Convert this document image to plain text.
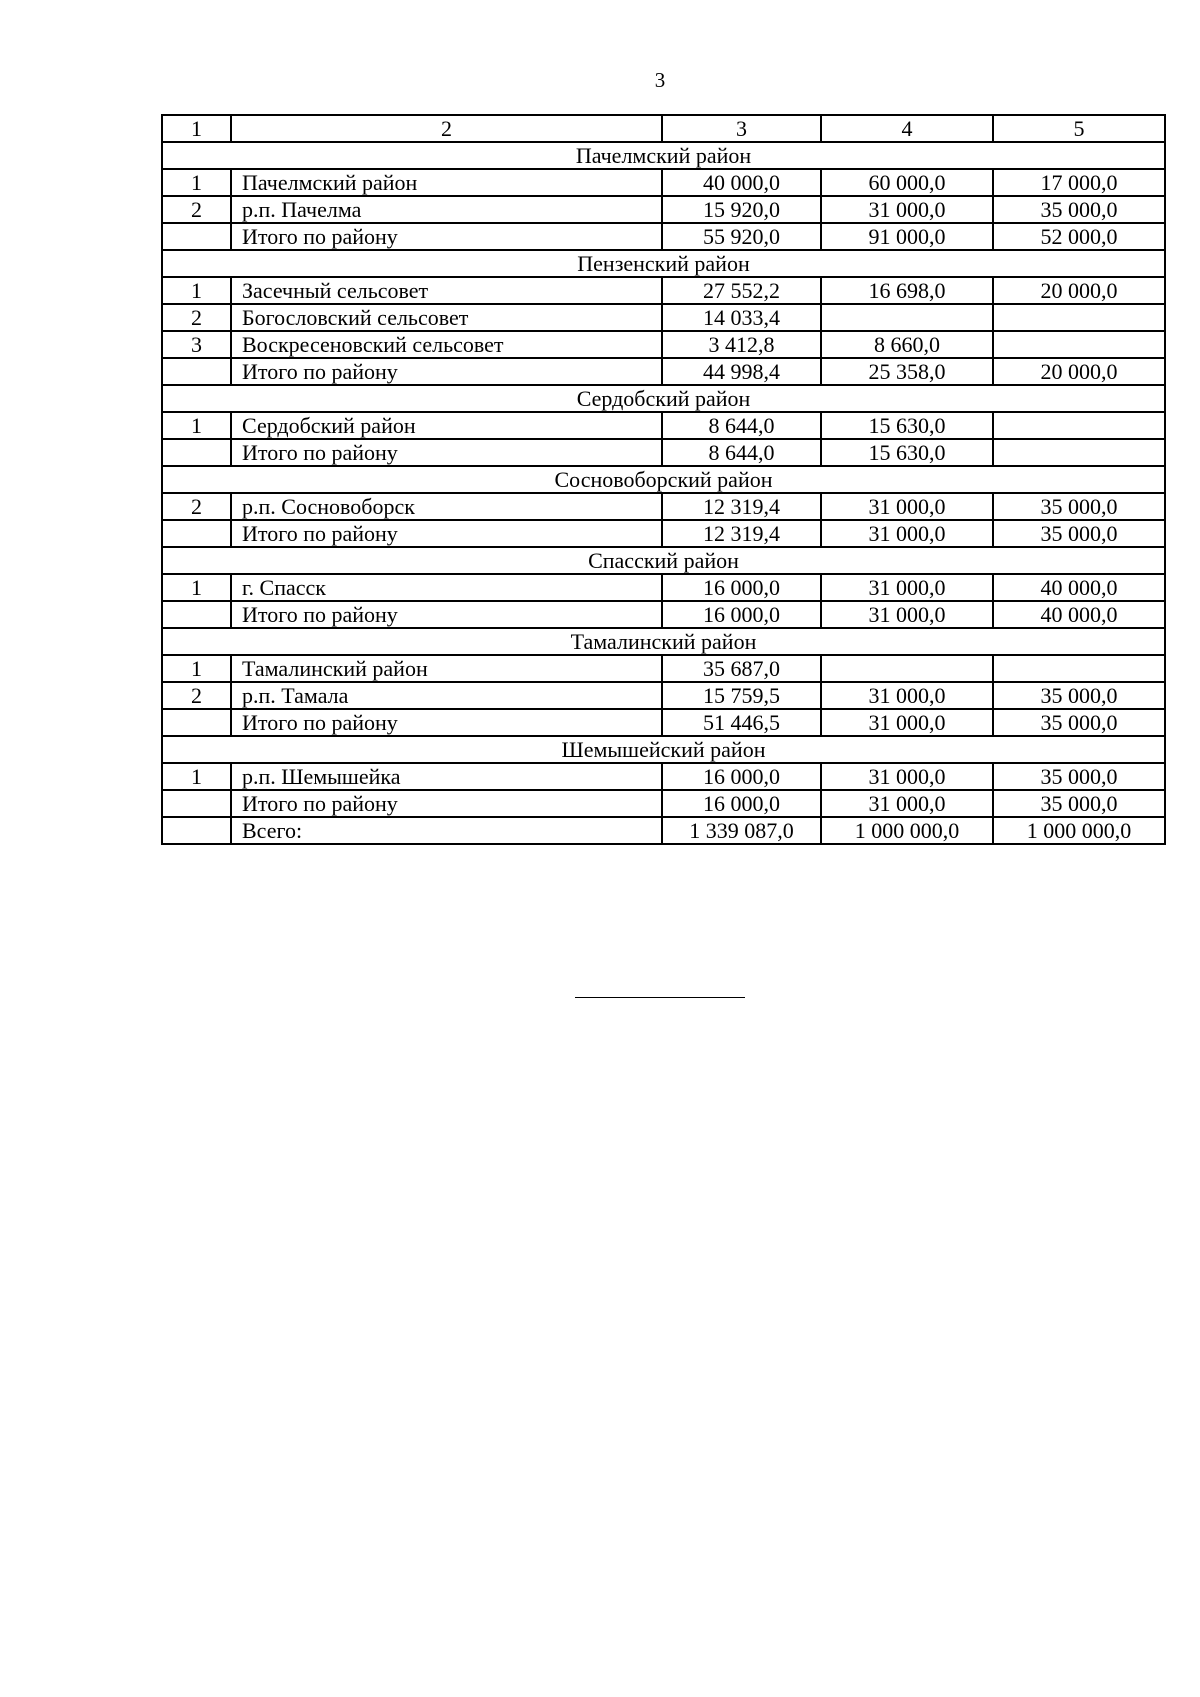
3
1	2	3	4	5
Пачелмский район				
1	Пачелмский район	40 000,0	60 000,0	17 000,0
2	р.п. Пачелма	15 920,0	31 000,0	35 000,0
	Итого по району	55 920,0	91 000,0	52 000,0
Пензенский район				
1	Засечный сельсовет	27 552,2	16 698,0	20 000,0
2	Богословский сельсовет	14 033,4		
3	Воскресеновский сельсовет	3 412,8	8 660,0	
	Итого по району	44 998,4	25 358,0	20 000,0
Сердобский район				
1	Сердобский район	8 644,0	15 630,0	
	Итого по району	8 644,0	15 630,0	
Сосновоборский район				
2	р.п. Сосновоборск	12 319,4	31 000,0	35 000,0
	Итого по району	12 319,4	31 000,0	35 000,0
Спасский район				
1	г. Спасск	16 000,0	31 000,0	40 000,0
	Итого по району	16 000,0	31 000,0	40 000,0
Тамалинский район				
1	Тамалинский район	35 687,0		
2	р.п. Тамала	15 759,5	31 000,0	35 000,0
	Итого по району	51 446,5	31 000,0	35 000,0
Шемышейский район				
1	р.п. Шемышейка	16 000,0	31 000,0	35 000,0
	Итого по району	16 000,0	31 000,0	35 000,0
	Всего:	1 339 087,0	1 000 000,0	1 000 000,0
